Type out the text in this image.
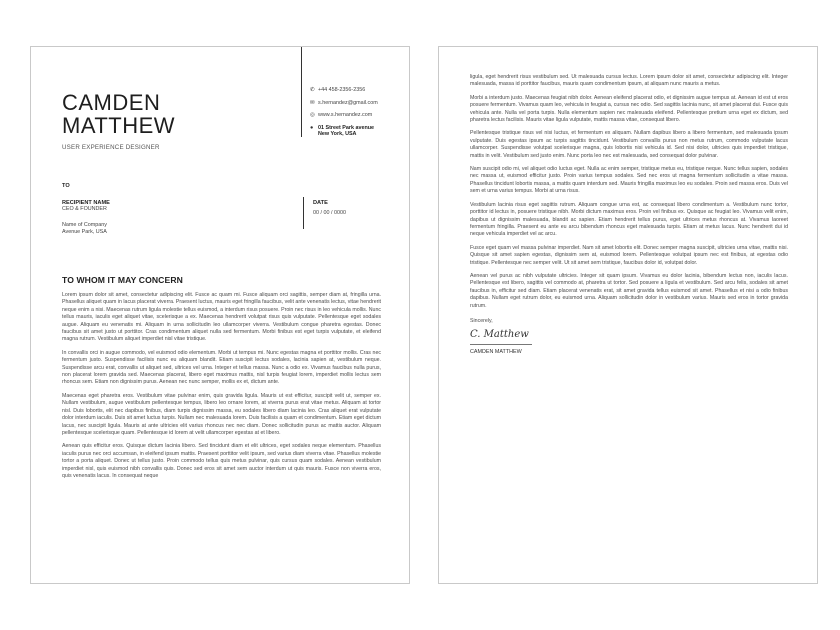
CAMDEN
MATTHEW
USER EXPERIENCE DESIGNER
✆ +44 458-2356-2356
✉ s.hernandez@gmail.com
◎ www.s.hernandez.com
● 01 Street Park avenue
New York, USA
TO
RECIPIENT NAME
CEO & FOUNDER
Name of Company
Avenue Park, USA
DATE
00 / 00 / 0000
TO WHOM IT MAY CONCERN

Lorem ipsum dolor sit amet, consectetur adipiscing elit. Fusce ac quam mi. Fusce aliquam orci sagittis, semper diam at, fringilla urna. Phasellus aliquet quam in lacus placerat viverra. Praesent luctus, mauris eget fringilla faucibus, velit ante venenatis lectus, vitae hendrerit neque enim a nisi. Maecenas rutrum ligula molestie tellus euismod, a interdum risus posuere. Proin nec risus in leo vehicula mollis. Nunc tellus mauris, iaculis eget aliquet vitae, scelerisque a ex. Maecenas hendrerit volutpat risus quis vulputate. Pellentesque eget sodales augue. Aliquam eu venenatis mi. Aliquam in urna sollicitudin leo ullamcorper viverra. Vestibulum congue pharetra egestas. Donec faucibus sit amet justo ut porttitor. Cras condimentum aliquet nulla sed fermentum. Morbi finibus est eget turpis vulputate, et eleifend magna rutrum. Vestibulum aliquet imperdiet nisl vitae tristique.

In convallis orci in augue commodo, vel euismod odio elementum. Morbi ut tempus mi. Nunc egestas magna et porttitor mollis. Cras nec fermentum justo. Suspendisse facilisis nunc eu aliquam blandit. Etiam suscipit lectus sodales, lacinia sapien at, vestibulum neque. Suspendisse arcu erat, convallis ut aliquet sed, ultrices vel urna. Integer et tellus massa. Nunc a odio ex. Vivamus faucibus nulla purus, non placerat lorem gravida sed. Maecenas placerat, libero eget maximus mattis, nisl turpis feugiat lorem, imperdiet mollis lectus sem rhoncus sem. Etiam non dignissim purus. Aenean nec nunc semper, mollis ex et, dictum ante.

Maecenas eget pharetra eros. Vestibulum vitae pulvinar enim, quis gravida ligula. Mauris ut est efficitur, suscipit velit ut, semper ex. Nullam vestibulum, augue vestibulum pellentesque tempus, libero leo ornare lorem, at viverra purus erat vitae metus. Aliquam at tortor nisl. Duis lobortis, elit nec dapibus finibus, diam turpis dignissim massa, eu sodales libero diam lacinia leo. Cras aliquet erat vulputate dolor interdum iaculis. Duis sit amet luctus turpis. Nullam nec malesuada lorem. Duis facilisis a quam et condimentum. Etiam eget dictum lacus, nec suscipit ligula. Mauris at ante ultricies elit varius rhoncus nec nec diam. Donec sollicitudin purus ac mattis auctor. Aliquam pellentesque scelerisque quam. Pellentesque id lorem at velit ullamcorper egestas at et libero.

Aenean quis efficitur eros. Quisque dictum lacinia libero. Sed tincidunt diam et elit ultrices, eget sodales neque elementum. Phasellus iaculis purus nec orci accumsan, in eleifend ipsum mattis. Praesent porttitor velit ipsum, sed varius diam viverra vitae. Phasellus molestie tortor a porta aliquet. Donec ut tellus justo. Proin commodo tellus quis metus pulvinar, quis cursus quam sodales. Aenean vestibulum imperdiet nisl, quis euismod nibh convallis quis. Donec sed eros sit amet sem auctor interdum ut quis mauris. Fusce non viverra eros, quis venenatis lacus. In consequat neque

ligula, eget hendrerit risus vestibulum sed. Ut malesuada cursus lectus. Lorem ipsum dolor sit amet, consectetur adipiscing elit. Integer malesuada, massa id porttitor faucibus, mauris quam condimentum ipsum, at aliquam nunc mauris a metus.

Morbi a interdum justo. Maecenas feugiat nibh dolor. Aenean eleifend placerat odio, et dignissim augue tempus at. Aenean id est ut eros posuere fermentum. Vivamus quam leo, vehicula in feugiat a, cursus nec odio. Sed sagittis lacinia nunc, sit amet placerat dui. Fusce quis vehicula ante. Nulla vel porta turpis. Nulla elementum sapien nec malesuada eleifend. Pellentesque pretium urna eget ex dictum, sed pharetra lectus facilisis. Mauris vitae ligula vulputate, mattis massa vitae, consequat libero.

Pellentesque tristique risus vel nisi luctus, et fermentum ex aliquam. Nullam dapibus libero a libero fermentum, sed malesuada ipsum vulputate. Duis egestas ipsum ac turpis sagittis tincidunt. Vestibulum convallis purus non metus rutrum, commodo vulputate lacus ullamcorper. Suspendisse volutpat scelerisque magna, quis lobortis nisi vehicula id. Sed nisi dolor, ultricies quis imperdiet tristique, mattis in velit. Vestibulum sed justo enim. Nunc porta leo nec est malesuada, sed consequat dolor pulvinar.

Nam suscipit odio mi, vel aliquet odio luctus eget. Nulla ac enim semper, tristique metus eu, tristique neque. Nunc tellus sapien, sodales nec massa ut, euismod efficitur justo. Proin varius tempus sodales. Sed nec eros ut magna fermentum sollicitudin a vitae massa. Phasellus tincidunt lobortis massa, a mattis quam interdum sed. Mauris fringilla maximus leo eu sodales. Proin sed massa eros. Duis vel sem et urna varius tempus. Morbi at urna risus.

Vestibulum lacinia risus eget sagittis rutrum. Aliquam congue urna est, ac consequat libero condimentum a. Vestibulum nunc tortor, porttitor id lectus in, posuere tristique nibh. Morbi dictum maximus eros. Proin vel finibus ex. Quisque ac feugiat leo. Vivamus velit enim, dapibus ut dignissim malesuada, blandit ac sapien. Etiam hendrerit tellus purus, eget ultrices metus rhoncus at. Vivamus laoreet fermentum fringilla. Praesent eu ante eu arcu bibendum rhoncus eget malesuada turpis. Etiam at metus lacus. Nunc hendrerit dui id neque vehicula imperdiet vel ac arcu.

Fusce eget quam vel massa pulvinar imperdiet. Nam sit amet lobortis elit. Donec semper magna suscipit, ultricies urna vitae, mattis nisi. Quisque sit amet sapien egestas, dignissim sem at, euismod lorem. Pellentesque volutpat ipsum nec est finibus, at egestas odio tristique. Pellentesque nec semper velit. Ut sit amet sem tristique, faucibus dolor id, volutpat dolor.

Aenean vel purus ac nibh vulputate ultricies. Integer sit quam ipsum. Vivamus eu dolor lacinia, bibendum lectus non, iaculis lacus. Pellentesque est libero, sagittis vel commodo at, pharetra ut tortor. Sed posuere a ligula et vestibulum. Sed arcu felis, sodales sit amet faucibus in, efficitur sed diam. Etiam placerat venenatis erat, sit amet gravida tellus euismod sit amet. Phasellus et nisi a odio finibus dapibus. Nullam eget rutrum dolor, eu euismod urna. Aliquam sollicitudin dolor in vestibulum varius. Mauris sed eros in tortor gravida rutrum.

Sincerely,

C. Matthew
CAMDEN MATTHEW
